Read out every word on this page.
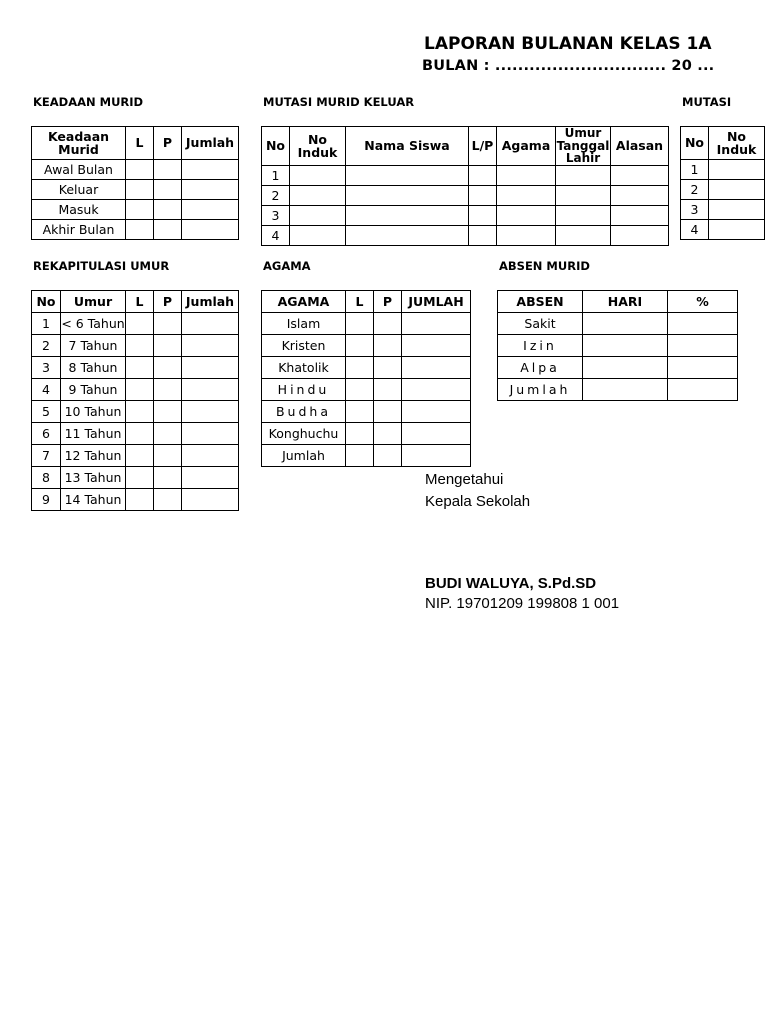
LAPORAN BULANAN KELAS 1A
BULAN : .............................. 20 ...
KEADAAN MURID
Keadaan Murid	L	P	Jumlah
Awal Bulan			
Keluar			
Masuk			
Akhir Bulan			
MUTASI MURID KELUAR
No	No Induk	Nama Siswa	L/P	Agama	Umur Tanggal Lahir	Alasan
1						
2						
3						
4						
MUTASI
No	No Induk
1	
2	
3	
4	
REKAPITULASI UMUR
No	Umur	L	P	Jumlah
1	< 6 Tahun			
2	7 Tahun			
3	8 Tahun			
4	9 Tahun			
5	10 Tahun			
6	11 Tahun			
7	12 Tahun			
8	13 Tahun			
9	14 Tahun			
AGAMA
AGAMA	L	P	JUMLAH
Islam			
Kristen			
Khatolik			
Hindu			
Budha			
Konghuchu			
Jumlah			
ABSEN MURID
ABSEN	HARI	%
Sakit		
Izin		
Alpa		
Jumlah		
Mengetahui
Kepala Sekolah
BUDI WALUYA, S.Pd.SD
NIP. 19701209 199808 1 001
